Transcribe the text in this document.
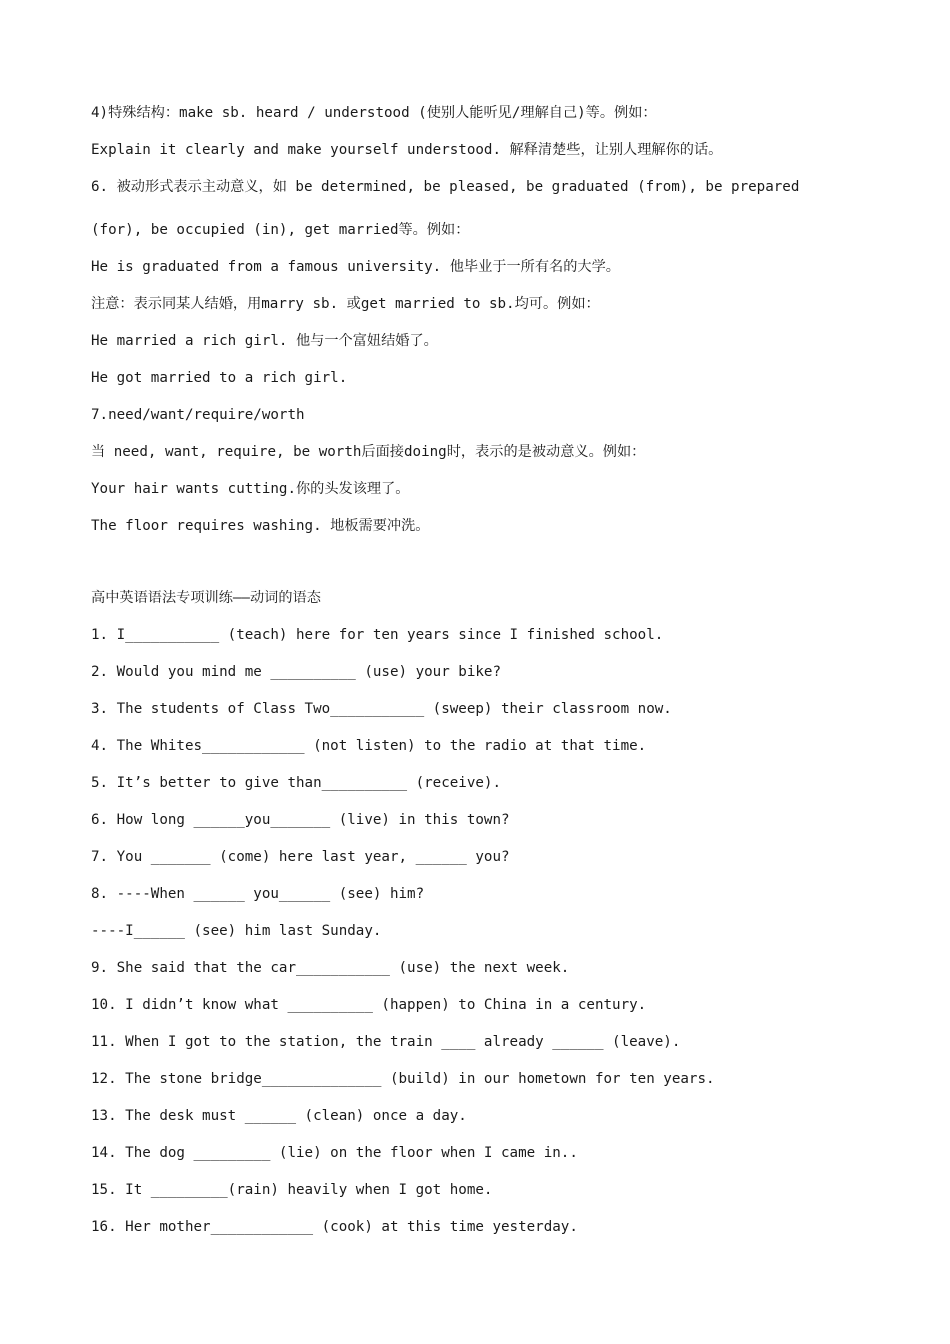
4)特殊结构：make sb. heard / understood (使别人能听见/理解自己)等。例如：

Explain it clearly and make yourself understood. 解释清楚些，让别人理解你的话。

6. 被动形式表示主动意义，如 be determined, be pleased, be graduated (from), be prepared

(for), be occupied (in), get married等。例如：

He is graduated from a famous university. 他毕业于一所有名的大学。

注意：表示同某人结婚，用marry sb. 或get married to sb.均可。例如：

He married a rich girl. 他与一个富妞结婚了。

He got married to a rich girl.

7.need/want/require/worth

当 need, want, require, be worth后面接doing时，表示的是被动意义。例如：

Your hair wants cutting.你的头发该理了。

The floor requires washing. 地板需要冲洗。

高中英语语法专项训练——动词的语态

1. I___________ (teach) here for ten years since I finished school.

2. Would you mind me __________ (use) your bike?

3. The students of Class Two___________ (sweep) their classroom now.

4. The Whites____________ (not listen) to the radio at that time.

5. It’s better to give than__________ (receive).

6. How long ______you_______ (live) in this town?

7. You _______ (come) here last year, ______ you?

8. ----When ______ you______ (see) him?

----I______ (see) him last Sunday.

9. She said that the car___________ (use) the next week.

10. I didn’t know what __________ (happen) to China in a century.

11. When I got to the station, the train ____ already ______ (leave).

12. The stone bridge______________ (build) in our hometown for ten years.

13. The desk must ______ (clean) once a day.

14. The dog _________ (lie) on the floor when I came in..

15. It _________(rain) heavily when I got home.

16. Her mother____________ (cook) at this time yesterday.
